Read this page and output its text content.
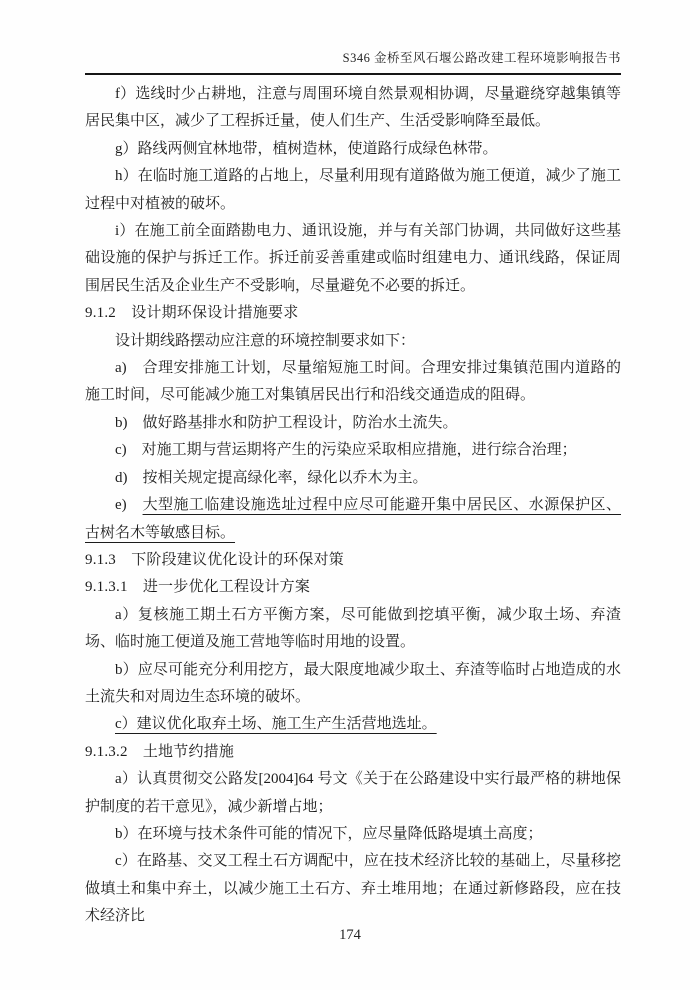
S346 金桥至风石堰公路改建工程环境影响报告书

f）选线时少占耕地，注意与周围环境自然景观相协调，尽量避绕穿越集镇等居民集中区，减少了工程拆迁量，使人们生产、生活受影响降至最低。

g）路线两侧宜林地带，植树造林，使道路行成绿色林带。

h）在临时施工道路的占地上，尽量利用现有道路做为施工便道，减少了施工过程中对植被的破坏。

i）在施工前全面踏勘电力、通讯设施，并与有关部门协调，共同做好这些基础设施的保护与拆迁工作。拆迁前妥善重建或临时组建电力、通讯线路，保证周围居民生活及企业生产不受影响，尽量避免不必要的拆迁。

9.1.2　设计期环保设计措施要求

设计期线路摆动应注意的环境控制要求如下：

a)　合理安排施工计划，尽量缩短施工时间。合理安排过集镇范围内道路的施工时间，尽可能减少施工对集镇居民出行和沿线交通造成的阻碍。

b)　做好路基排水和防护工程设计，防治水土流失。

c)　对施工期与营运期将产生的污染应采取相应措施，进行综合治理；

d)　按相关规定提高绿化率，绿化以乔木为主。

e)　大型施工临建设施选址过程中应尽可能避开集中居民区、水源保护区、古树名木等敏感目标。

9.1.3　下阶段建议优化设计的环保对策

9.1.3.1　进一步优化工程设计方案

a）复核施工期土石方平衡方案，尽可能做到挖填平衡，减少取土场、弃渣场、临时施工便道及施工营地等临时用地的设置。

b）应尽可能充分利用挖方，最大限度地减少取土、弃渣等临时占地造成的水土流失和对周边生态环境的破坏。

c）建议优化取弃土场、施工生产生活营地选址。

9.1.3.2　土地节约措施

a）认真贯彻交公路发[2004]64 号文《关于在公路建设中实行最严格的耕地保护制度的若干意见》，减少新增占地；

b）在环境与技术条件可能的情况下，应尽量降低路堤填土高度；

c）在路基、交叉工程土石方调配中，应在技术经济比较的基础上，尽量移挖做填土和集中弃土，以减少施工土石方、弃土堆用地；在通过新修路段，应在技术经济比

174
